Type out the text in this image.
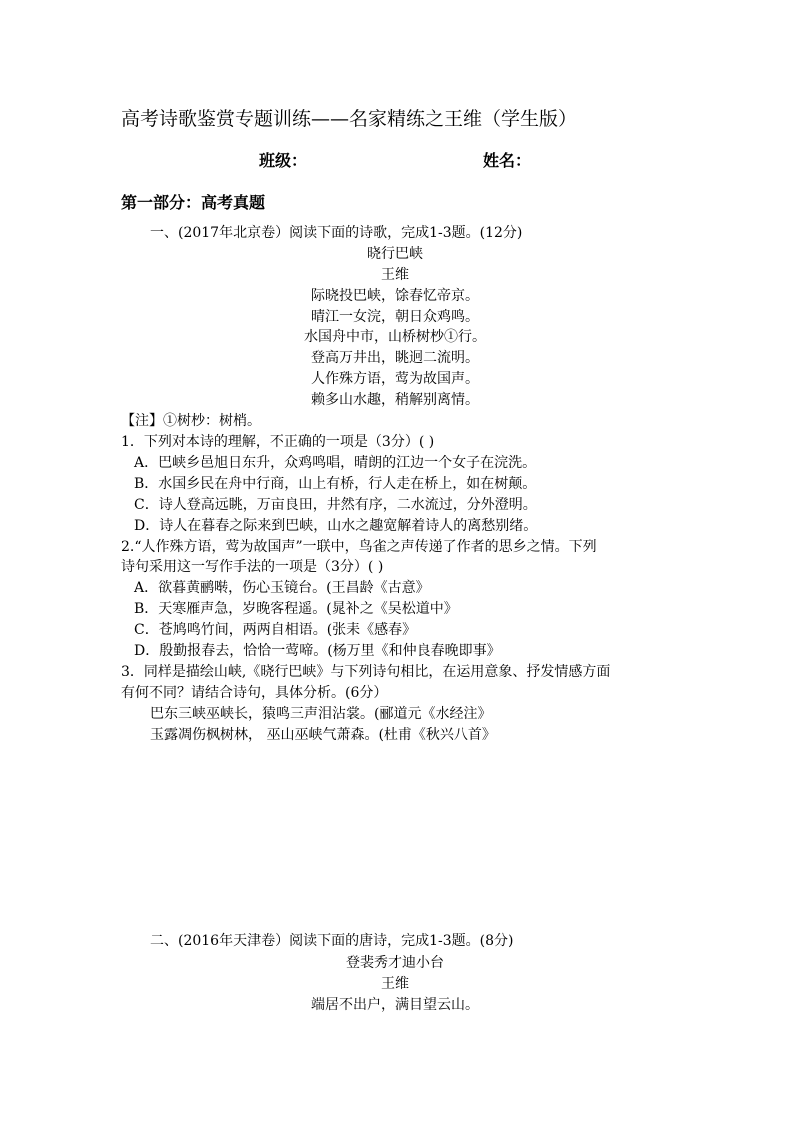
高考诗歌鉴赏专题训练——名家精练之王维（学生版）
班级：	姓名：
第一部分：高考真题
一、(2017年北京卷）阅读下面的诗歌，完成1-3题。(12分)
晓行巴峡
王维
际晓投巴峡，馀春忆帝京。
晴江一女浣，朝日众鸡鸣。
水国舟中市，山桥树杪①行。
登高万井出，眺迥二流明。
人作殊方语，莺为故国声。
赖多山水趣，稍解别离情。
【注】①树杪：树梢。
1．下列对本诗的理解，不正确的一项是（3分）( )
A．巴峡乡邑旭日东升，众鸡鸣唱，晴朗的江边一个女子在浣洗。
B．水国乡民在舟中行商，山上有桥，行人走在桥上，如在树颠。
C．诗人登高远眺，万亩良田，井然有序，二水流过，分外澄明。
D．诗人在暮春之际来到巴峡，山水之趣宽解着诗人的离愁别绪。
2.“人作殊方语，莺为故国声”一联中，鸟雀之声传递了作者的思乡之情。下列
诗句采用这一写作手法的一项是（3分）( )
A．欲暮黄鹂啭，伤心玉镜台。(王昌龄《古意》
B．天寒雁声急，岁晚客程遥。(晁补之《吴松道中》
C．苍鸠鸣竹间，两两自相语。(张耒《感春》
D．殷勤报春去，恰恰一莺啼。(杨万里《和仲良春晚即事》
3．同样是描绘山峡,《晓行巴峡》与下列诗句相比，在运用意象、抒发情感方面
有何不同？请结合诗句，具体分析。(6分）
巴东三峡巫峡长，猿鸣三声泪沾裳。(郦道元《水经注》
玉露凋伤枫树林， 巫山巫峡气萧森。(杜甫《秋兴八首》
二、(2016年天津卷）阅读下面的唐诗，完成1-3题。(8分)
登裴秀才迪小台
王维
端居不出户，满目望云山。
